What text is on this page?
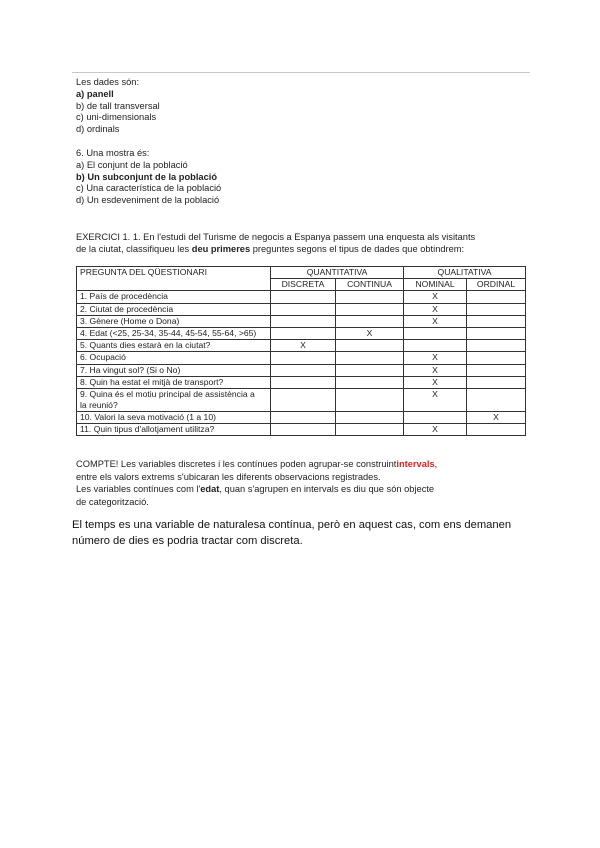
Les dades són:
a) panell
b) de tall transversal
c) uni-dimensionals
d) ordinals
6. Una mostra és:
a) El conjunt de la població
b) Un subconjunt de la població
c) Una característica de la població
d) Un esdeveniment de la població
EXERCICI 1. 1. En l'estudi del Turisme de negocis a Espanya passem una enquesta als visitants
de la ciutat, classifiqueu les deu primeres preguntes segons el tipus de dades que obtindrem:
PREGUNTA DEL QÜESTIONARI	QUANTITATIVA		QUALITATIVA	
	DISCRETA	CONTINUA	NOMINAL	ORDINAL
1. País de procedència			X	
2. Ciutat de procedència			X	
3. Gènere (Home o Dona)			X	
4. Edat (<25, 25-34, 35-44, 45-54, 55-64, >65)		X		
5. Quants dies estarà en la ciutat?	X			
6. Ocupació			X	
7. Ha vingut sol? (Si o No)			X	
8. Quin ha estat el mitjà de transport?			X	

9. Quina és el motiu principal de assistència a
la reunió?			X	
10. Valori la seva motivació (1 a 10)				X
11. Quin tipus d'allotjament utilitza?			X	
COMPTE! Les variables discretes i les contínues poden agrupar-se construintintervals,
entre els valors extrems s'ubicaran les diferents observacions registrades.
Les variables contínues com l'edat, quan s'agrupen en intervals es diu que són objecte
de categorització.
El temps es una variable de naturalesa contínua, però en aquest cas, com ens demanen
número de dies es podria tractar com discreta.
